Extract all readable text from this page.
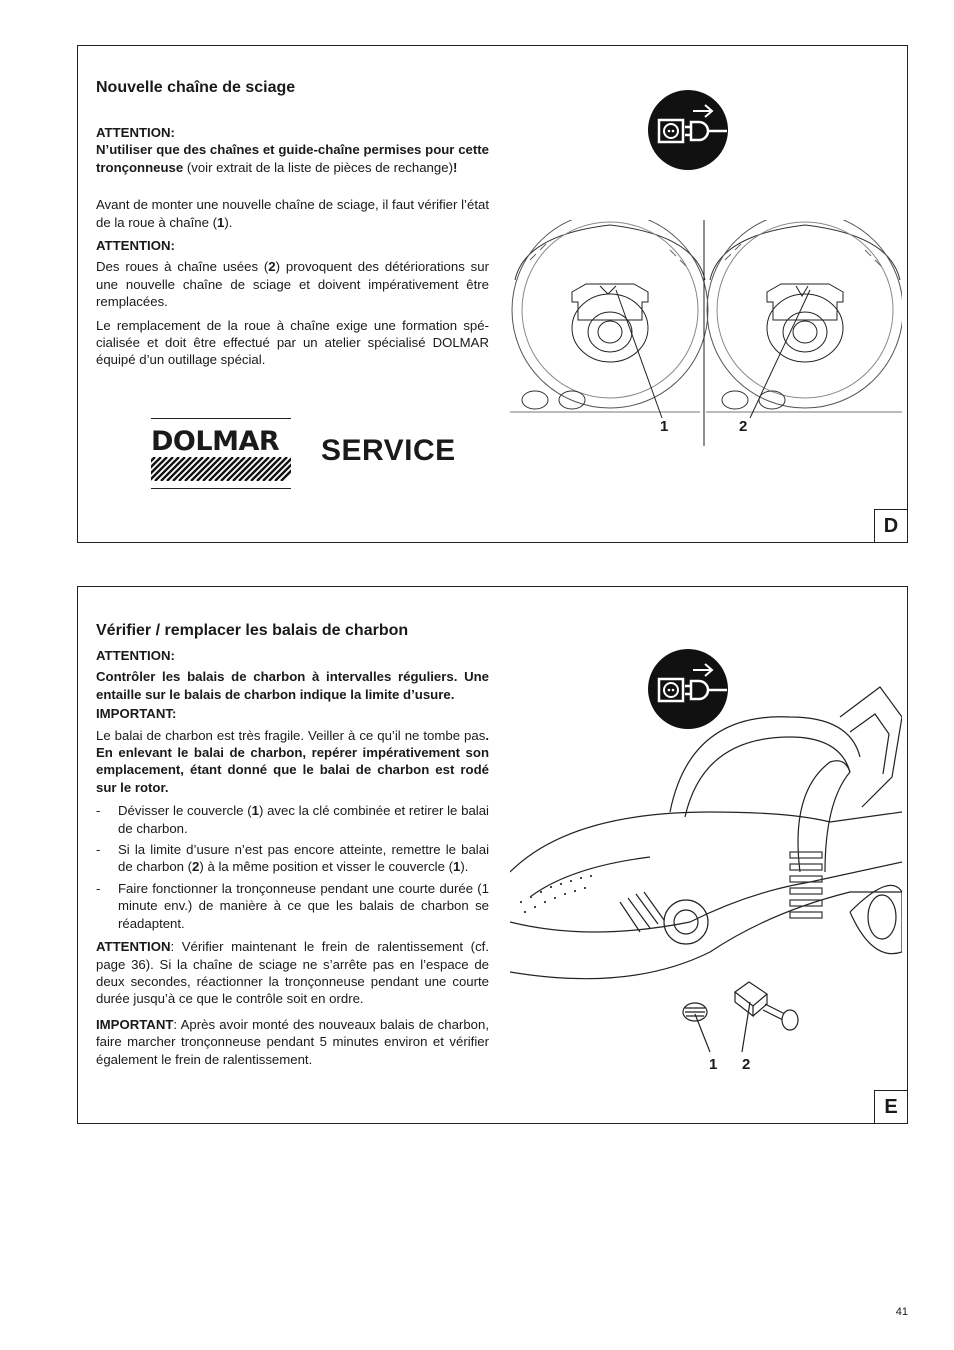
Nouvelle chaîne de sciage

ATTENTION:

N’utiliser que des chaînes et guide-chaîne permises pour cette tronçonneuse (voir extrait de la liste de pièces de rechange)!

Avant de monter une nouvelle chaîne de sciage, il faut vérifier l’état de la roue à chaîne (1).

ATTENTION:

Des roues à chaîne usées (2) provoquent des détériorations sur une nouvelle chaîne de sciage et doivent impérativement être remplacées.

Le remplacement de la roue à chaîne exige une formation spécialisée et doit être effectué par un atelier spécialisé DOLMAR équipé d’un outillage spécial.

DOLMAR	SERVICE
1	2
D

Vérifier / remplacer les balais de charbon

ATTENTION:

Contrôler les balais de charbon à intervalles réguliers. Une entaille sur le balais de charbon indique la limite d’usure.

IMPORTANT:

Le balai de charbon est très fragile. Veiller à ce qu’il ne tombe pas. En enlevant le balai de charbon, repérer impérativement son emplacement, étant donné que le balai de charbon est rodé sur le rotor.

- Dévisser le couvercle (1) avec la clé combinée et retirer le balai de charbon.
- Si la limite d’usure n’est pas encore atteinte, remettre le balai de charbon (2) à la même position et visser le couvercle (1).
- Faire fonctionner la tronçonneuse pendant une courte durée (1 minute env.) de manière à ce que les balais de charbon se réadaptent.

ATTENTION: Vérifier maintenant le frein de ralentissement (cf. page 36). Si la chaîne de sciage ne s’arrête pas en l’espace de deux secondes, réactionner la tronçonneuse pendant une courte durée jusqu’à ce que le contrôle soit en ordre.

IMPORTANT: Après avoir monté des nouveaux balais de charbon, faire marcher tronçonneuse pendant 5 minutes environ et vérifier également le frein de ralentissement.	1 2
E
41
